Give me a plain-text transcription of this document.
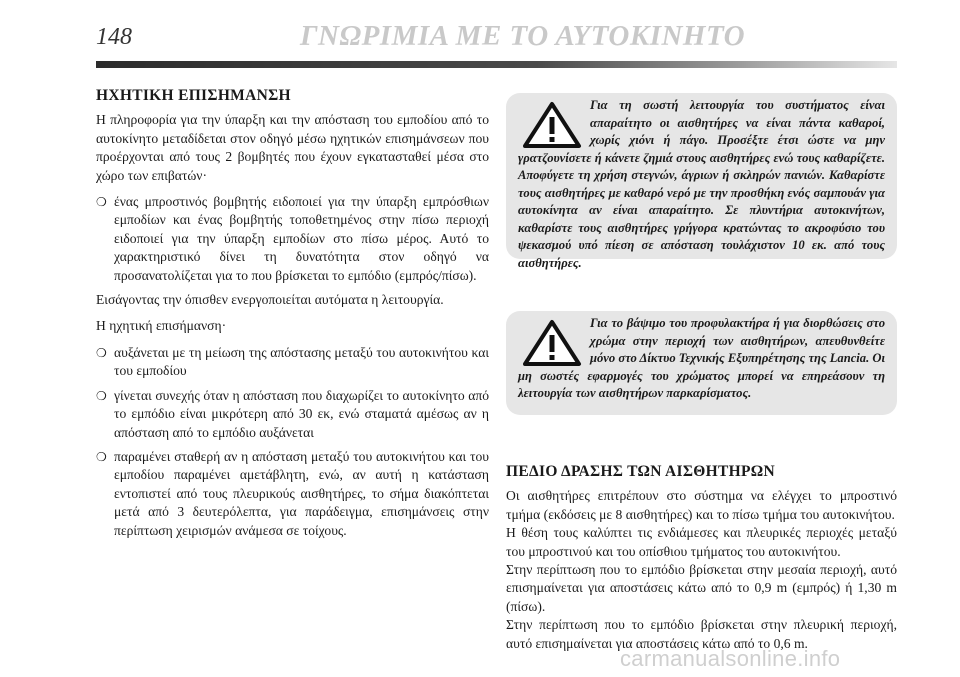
148	ΓΝΩΡΙΜΙΑ ΜΕ ΤΟ ΑΥΤΟΚΙΝΗΤΟ
ΗΧΗΤΙΚΗ ΕΠΙΣΗΜΑΝΣΗ

Η πληροφορία για την ύπαρξη και την απόσταση του εμποδίου από το αυτοκίνητο μεταδίδεται στον οδηγό μέσω ηχητικών επισημάνσεων που προέρχονται από τους 2 βομβητές που έχουν εγκατασταθεί μέσα στο χώρο των επιβατών·

❍ ένας μπροστινός βομβητής ειδοποιεί για την ύπαρξη εμπρόσθιων εμποδίων και ένας βομβητής τοποθετημένος στην πίσω περιοχή ειδοποιεί για την ύπαρξη εμποδίων στο πίσω μέρος. Αυτό το χαρακτηριστικό δίνει τη δυνατότητα στον οδηγό να προσανατολίζεται για το που βρίσκεται το εμπόδιο (εμπρός/πίσω).

Εισάγοντας την όπισθεν ενεργοποιείται αυτόματα η λειτουργία.

Η ηχητική επισήμανση·

❍ αυξάνεται με τη μείωση της απόστασης μεταξύ του αυτοκινήτου και του εμποδίου
❍ γίνεται συνεχής όταν η απόσταση που διαχωρίζει το αυτοκίνητο από το εμπόδιο είναι μικρότερη από 30 εκ, ενώ σταματά αμέσως αν η απόσταση από το εμπόδιο αυξάνεται
❍ παραμένει σταθερή αν η απόσταση μεταξύ του αυτοκινήτου και του εμποδίου παραμένει αμετάβλητη, ενώ, αν αυτή η κατάσταση εντοπιστεί από τους πλευρικούς αισθητήρες, το σήμα διακόπτεται μετά από 3 δευτερόλεπτα, για παράδειγμα, επισημάνσεις στην περίπτωση χειρισμών ανάμεσα σε τοίχους.
Για τη σωστή λειτουργία του συστήματος είναι απαραίτητο οι αισθητήρες να είναι πάντα καθαροί, χωρίς χιόνι ή πάγο. Προσέξτε έτσι ώστε να μην γρατζουνίσετε ή κάνετε ζημιά στους αισθητήρες ενώ τους καθαρίζετε. Αποφύγετε τη χρήση στεγνών, άγριων ή σκληρών πανιών. Καθαρίστε τους αισθητήρες με καθαρό νερό με την προσθήκη ενός σαμπουάν για αυτοκίνητα αν είναι απαραίτητο. Σε πλυντήρια αυτοκινήτων, καθαρίστε τους αισθητήρες γρήγορα κρατώντας το ακροφύσιο του ψεκασμού υπό πίεση σε απόσταση τουλάχιστον 10 εκ. από τους αισθητήρες.
Για το βάψιμο του προφυλακτήρα ή για διορθώσεις στο χρώμα στην περιοχή των αισθητήρων, απευθυνθείτε μόνο στο Δίκτυο Τεχνικής Εξυπηρέτησης της Lancia. Οι μη σωστές εφαρμογές του χρώματος μπορεί να επηρεάσουν τη λειτουργία των αισθητήρων παρκαρίσματος.
ΠΕΔΙΟ ΔΡΑΣΗΣ ΤΩΝ ΑΙΣΘΗΤΗΡΩΝ

Οι αισθητήρες επιτρέπουν στο σύστημα να ελέγχει το μπροστινό τμήμα (εκδόσεις με 8 αισθητήρες) και το πίσω τμήμα του αυτοκινήτου.

Η θέση τους καλύπτει τις ενδιάμεσες και πλευρικές περιοχές μεταξύ του μπροστινού και του οπίσθιου τμήματος του αυτοκινήτου.

Στην περίπτωση που το εμπόδιο βρίσκεται στην μεσαία περιοχή, αυτό επισημαίνεται για αποστάσεις κάτω από το 0,9 m (εμπρός) ή 1,30 m (πίσω).

Στην περίπτωση που το εμπόδιο βρίσκεται στην πλευρική περιοχή, αυτό επισημαίνεται για αποστάσεις κάτω από το 0,6 m.

carmanualsonline.info
